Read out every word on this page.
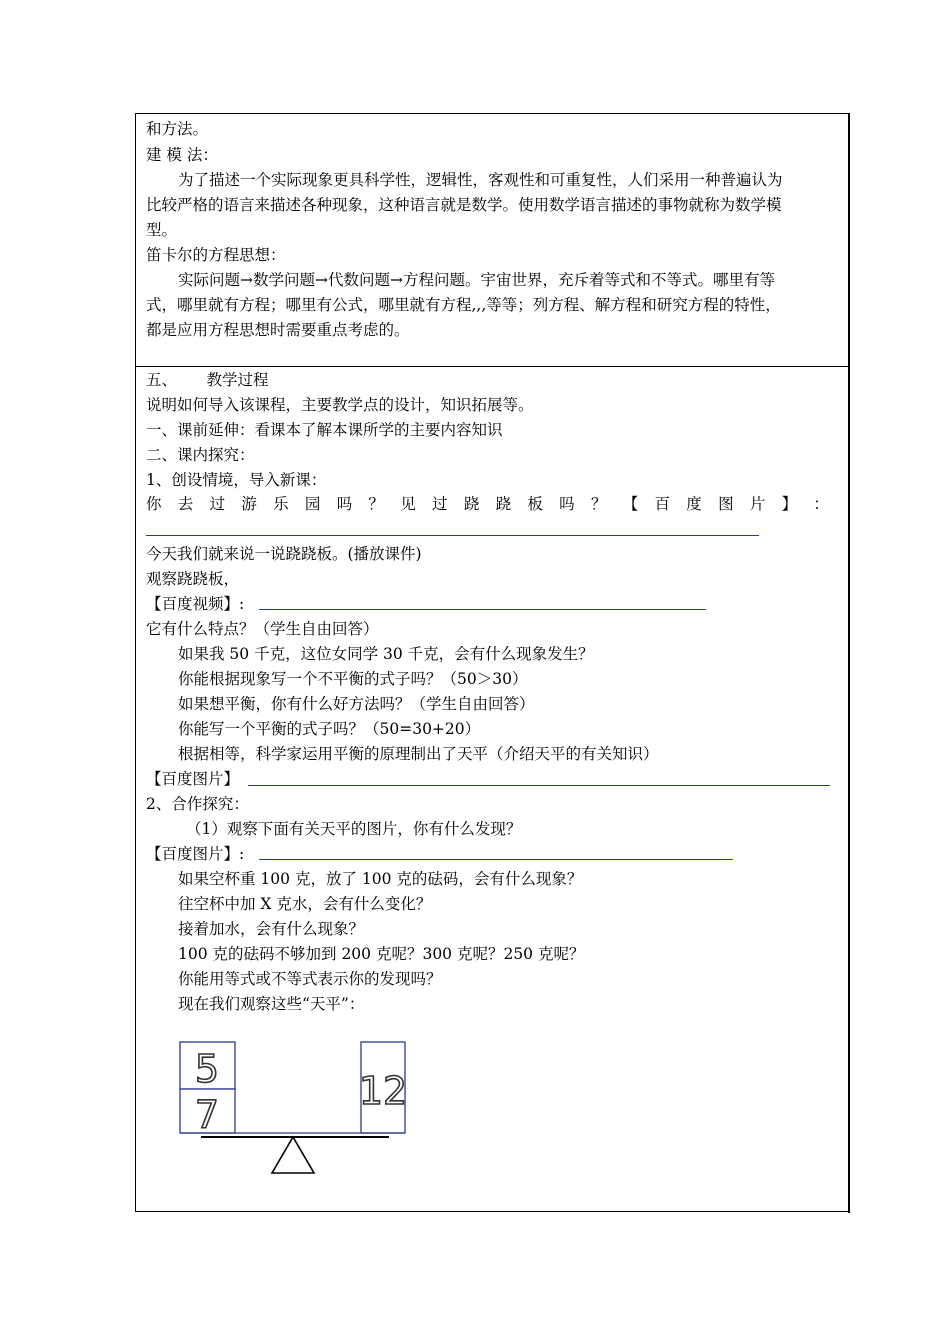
和方法。
建 模 法：
为了描述一个实际现象更具科学性，逻辑性，客观性和可重复性，人们采用一种普遍认为
比较严格的语言来描述各种现象，这种语言就是数学。使用数学语言描述的事物就称为数学模
型。
笛卡尔的方程思想：
实际问题→数学问题→代数问题→方程问题。宇宙世界，充斥着等式和不等式。哪里有等
式，哪里就有方程；哪里有公式，哪里就有方程,,,等等；列方程、解方程和研究方程的特性，
都是应用方程思想时需要重点考虑的。
五、      教学过程
说明如何导入该课程，主要教学点的设计，知识拓展等。
一、课前延伸：看课本了解本课所学的主要内容知识
二、课内探究：
1、创设情境，导入新课：
你 去 过 游 乐 园 吗 ？ 见 过 跷 跷 板 吗 ？ 【 百 度 图 片 】 ：
今天我们就来说一说跷跷板。(播放课件)
观察跷跷板，
【百度视频】:
它有什么特点？（学生自由回答）
如果我 50 千克，这位女同学 30 千克，会有什么现象发生？
你能根据现象写一个不平衡的式子吗？（50＞30）
如果想平衡，你有什么好方法吗？（学生自由回答）
你能写一个平衡的式子吗？（50=30+20）
根据相等，科学家运用平衡的原理制出了天平（介绍天平的有关知识）
【百度图片】
2、合作探究：
（1）观察下面有关天平的图片，你有什么发现？
【百度图片】:
如果空杯重 100 克，放了 100 克的砝码，会有什么现象？
往空杯中加 X 克水，会有什么变化？
接着加水，会有什么现象？
100 克的砝码不够加到 200 克呢？300 克呢？250 克呢？
你能用等式或不等式表示你的发现吗？
现在我们观察这些“天平”：
5
7
12
